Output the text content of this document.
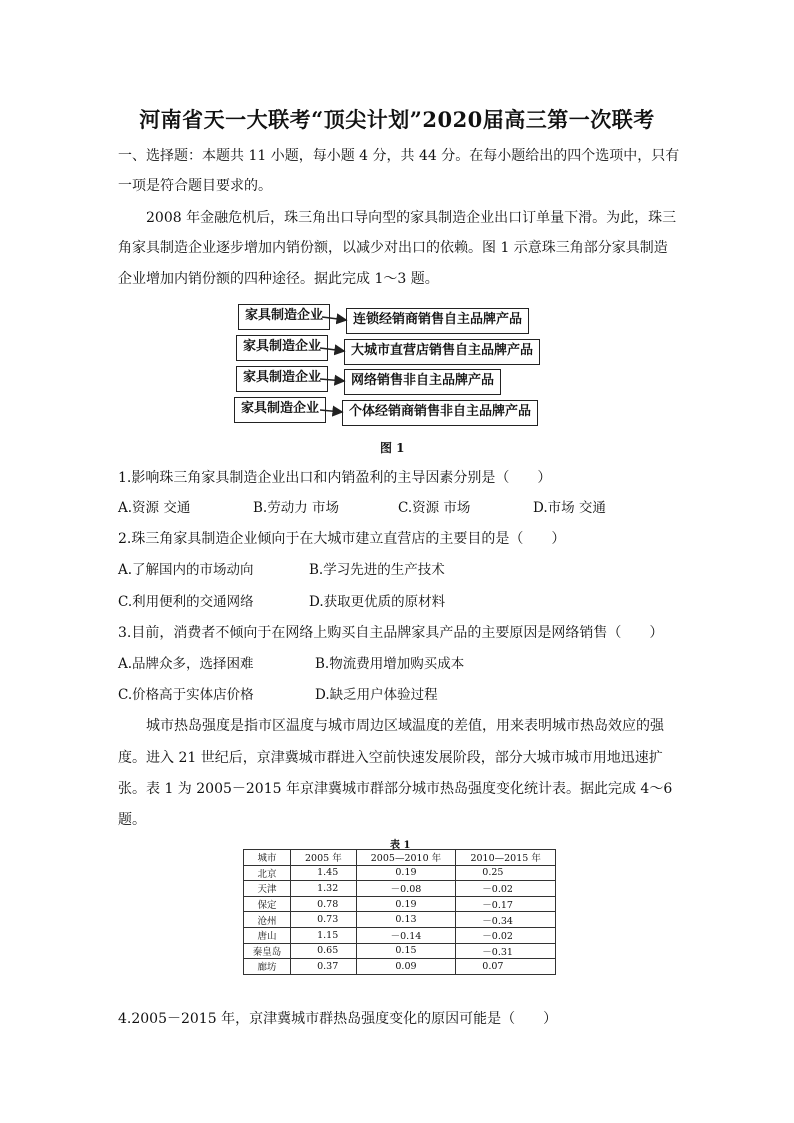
河南省天一大联考“顶尖计划”2020届高三第一次联考
一、选择题：本题共 11 小题，每小题 4 分，共 44 分。在每小题给出的四个选项中，只有
一项是符合题目要求的。
2008 年金融危机后，珠三角出口导向型的家具制造企业出口订单量下滑。为此，珠三
角家具制造企业逐步增加内销份额，以减少对出口的依赖。图 1 示意珠三角部分家具制造
企业增加内销份额的四种途径。据此完成 1～3 题。
家具制造企业	连锁经销商销售自主品牌产品
家具制造企业	大城市直营店销售自主品牌产品
家具制造企业	网络销售非自主品牌产品
家具制造企业	个体经销商销售非自主品牌产品
图 1
1.影响珠三角家具制造企业出口和内销盈利的主导因素分别是（　　）
A.资源 交通	B.劳动力 市场	C.资源 市场	D.市场 交通
2.珠三角家具制造企业倾向于在大城市建立直营店的主要目的是（　　）
A.了解国内的市场动向	B.学习先进的生产技术
C.利用便利的交通网络	D.获取更优质的原材料
3.目前，消费者不倾向于在网络上购买自主品牌家具产品的主要原因是网络销售（　　）
A.品牌众多，选择困难	B.物流费用增加购买成本
C.价格高于实体店价格	D.缺乏用户体验过程
城市热岛强度是指市区温度与城市周边区域温度的差值，用来表明城市热岛效应的强
度。进入 21 世纪后，京津冀城市群进入空前快速发展阶段，部分大城市城市用地迅速扩
张。表 1 为 2005－2015 年京津冀城市群部分城市热岛强度变化统计表。据此完成 4～6
题。
表 1
城市	2005 年	2005—2010 年	2010—2015 年
北京	1.45	0.19	0.25
天津	1.32	－0.08	－0.02
保定	0.78	0.19	－0.17
沧州	0.73	0.13	－0.34
唐山	1.15	－0.14	－0.02
秦皇岛	0.65	0.15	－0.31
廊坊	0.37	0.09	0.07
4.2005－2015 年，京津冀城市群热岛强度变化的原因可能是（　　）
